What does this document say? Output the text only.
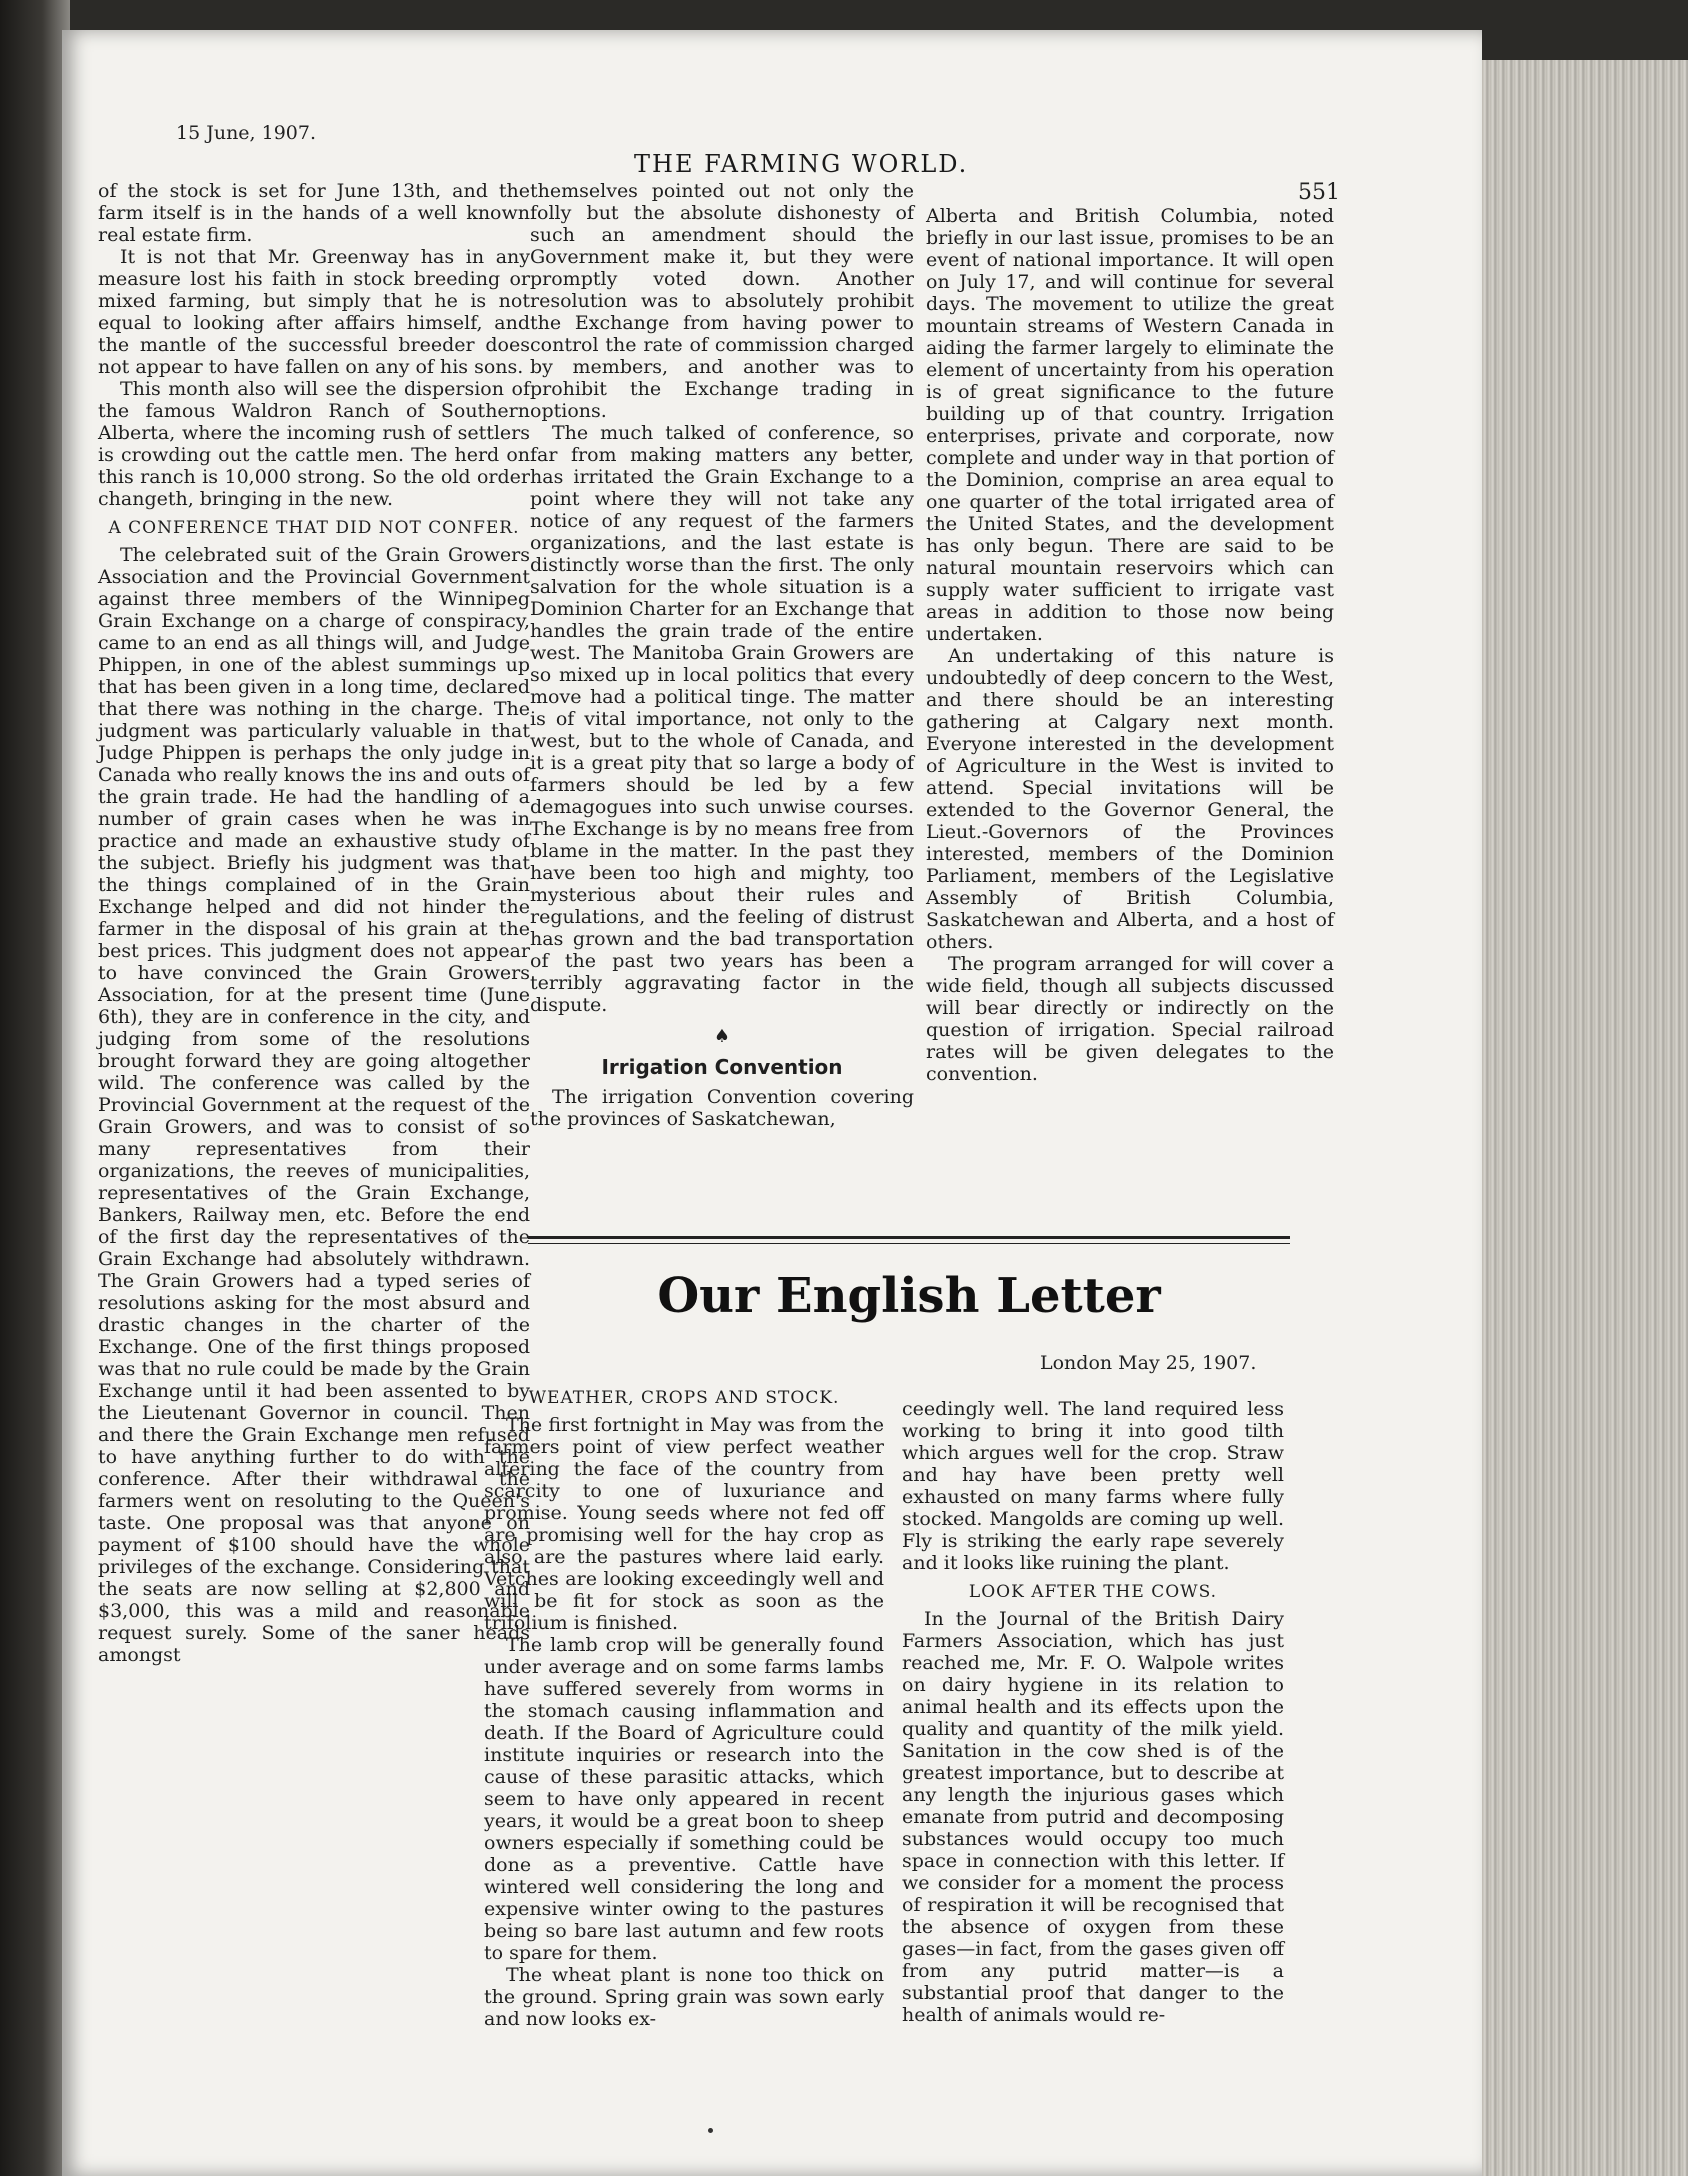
15 June, 1907.
THE FARMING WORLD.
551

of the stock is set for June 13th, and the farm itself is in the hands of a well known real estate firm.

It is not that Mr. Greenway has in any measure lost his faith in stock breeding or mixed farming, but simply that he is not equal to looking after affairs himself, and the mantle of the successful breeder does not appear to have fallen on any of his sons.

This month also will see the dispersion of the famous Waldron Ranch of Southern Alberta, where the incoming rush of settlers is crowding out the cattle men. The herd on this ranch is 10,000 strong. So the old order changeth, bringing in the new.

A CONFERENCE THAT DID NOT CONFER.

The celebrated suit of the Grain Growers Association and the Provincial Government against three members of the Winnipeg Grain Exchange on a charge of conspiracy, came to an end as all things will, and Judge Phippen, in one of the ablest summings up that has been given in a long time, declared that there was nothing in the charge. The judgment was particularly valuable in that Judge Phippen is perhaps the only judge in Canada who really knows the ins and outs of the grain trade. He had the handling of a number of grain cases when he was in practice and made an exhaustive study of the subject. Briefly his judgment was that the things complained of in the Grain Exchange helped and did not hinder the farmer in the disposal of his grain at the best prices. This judgment does not appear to have convinced the Grain Growers Association, for at the present time (June 6th), they are in conference in the city, and judging from some of the resolutions brought forward they are going altogether wild. The conference was called by the Provincial Government at the request of the Grain Growers, and was to consist of so many representatives from their organizations, the reeves of municipalities, representatives of the Grain Exchange, Bankers, Railway men, etc. Before the end of the first day the representatives of the Grain Exchange had absolutely withdrawn. The Grain Growers had a typed series of resolutions asking for the most absurd and drastic changes in the charter of the Exchange. One of the first things proposed was that no rule could be made by the Grain Exchange until it had been assented to by the Lieutenant Governor in council. Then and there the Grain Exchange men refused to have anything further to do with the conference. After their withdrawal the farmers went on resoluting to the Queen's taste. One proposal was that anyone on payment of $100 should have the whole privileges of the exchange. Considering that the seats are now selling at $2,800 and $3,000, this was a mild and reasonable request surely. Some of the saner heads amongst

themselves pointed out not only the folly but the absolute dishonesty of such an amendment should the Government make it, but they were promptly voted down. Another resolution was to absolutely prohibit the Exchange from having power to control the rate of commission charged by members, and another was to prohibit the Exchange trading in options.

The much talked of conference, so far from making matters any better, has irritated the Grain Exchange to a point where they will not take any notice of any request of the farmers organizations, and the last estate is distinctly worse than the first. The only salvation for the whole situation is a Dominion Charter for an Exchange that handles the grain trade of the entire west. The Manitoba Grain Growers are so mixed up in local politics that every move had a political tinge. The matter is of vital importance, not only to the west, but to the whole of Canada, and it is a great pity that so large a body of farmers should be led by a few demagogues into such unwise courses. The Exchange is by no means free from blame in the matter. In the past they have been too high and mighty, too mysterious about their rules and regulations, and the feeling of distrust has grown and the bad transportation of the past two years has been a terribly aggravating factor in the dispute.

♠
Irrigation Convention

The irrigation Convention covering the provinces of Saskatchewan,

Alberta and British Columbia, noted briefly in our last issue, promises to be an event of national importance. It will open on July 17, and will continue for several days. The movement to utilize the great mountain streams of Western Canada in aiding the farmer largely to eliminate the element of uncertainty from his operation is of great significance to the future building up of that country. Irrigation enterprises, private and corporate, now complete and under way in that portion of the Dominion, comprise an area equal to one quarter of the total irrigated area of the United States, and the development has only begun. There are said to be natural mountain reservoirs which can supply water sufficient to irrigate vast areas in addition to those now being undertaken.

An undertaking of this nature is undoubtedly of deep concern to the West, and there should be an interesting gathering at Calgary next month. Everyone interested in the development of Agriculture in the West is invited to attend. Special invitations will be extended to the Governor General, the Lieut.-Governors of the Provinces interested, members of the Dominion Parliament, members of the Legislative Assembly of British Columbia, Saskatchewan and Alberta, and a host of others.

The program arranged for will cover a wide field, though all subjects discussed will bear directly or indirectly on the question of irrigation. Special railroad rates will be given delegates to the convention.

Our English Letter
London May 25, 1907.
WEATHER, CROPS AND STOCK.

The first fortnight in May was from the farmers point of view perfect weather altering the face of the country from scarcity to one of luxuriance and promise. Young seeds where not fed off are promising well for the hay crop as also are the pastures where laid early. Vetches are looking exceedingly well and will be fit for stock as soon as the trifolium is finished.

The lamb crop will be generally found under average and on some farms lambs have suffered severely from worms in the stomach causing inflammation and death. If the Board of Agriculture could institute inquiries or research into the cause of these parasitic attacks, which seem to have only appeared in recent years, it would be a great boon to sheep owners especially if something could be done as a preventive. Cattle have wintered well considering the long and expensive winter owing to the pastures being so bare last autumn and few roots to spare for them.

The wheat plant is none too thick on the ground. Spring grain was sown early and now looks ex-

ceedingly well. The land required less working to bring it into good tilth which argues well for the crop. Straw and hay have been pretty well exhausted on many farms where fully stocked. Mangolds are coming up well. Fly is striking the early rape severely and it looks like ruining the plant.

LOOK AFTER THE COWS.

In the Journal of the British Dairy Farmers Association, which has just reached me, Mr. F. O. Walpole writes on dairy hygiene in its relation to animal health and its effects upon the quality and quantity of the milk yield. Sanitation in the cow shed is of the greatest importance, but to describe at any length the injurious gases which emanate from putrid and decomposing substances would occupy too much space in connection with this letter. If we consider for a moment the process of respiration it will be recognised that the absence of oxygen from these gases—in fact, from the gases given off from any putrid matter—is a substantial proof that danger to the health of animals would re-
